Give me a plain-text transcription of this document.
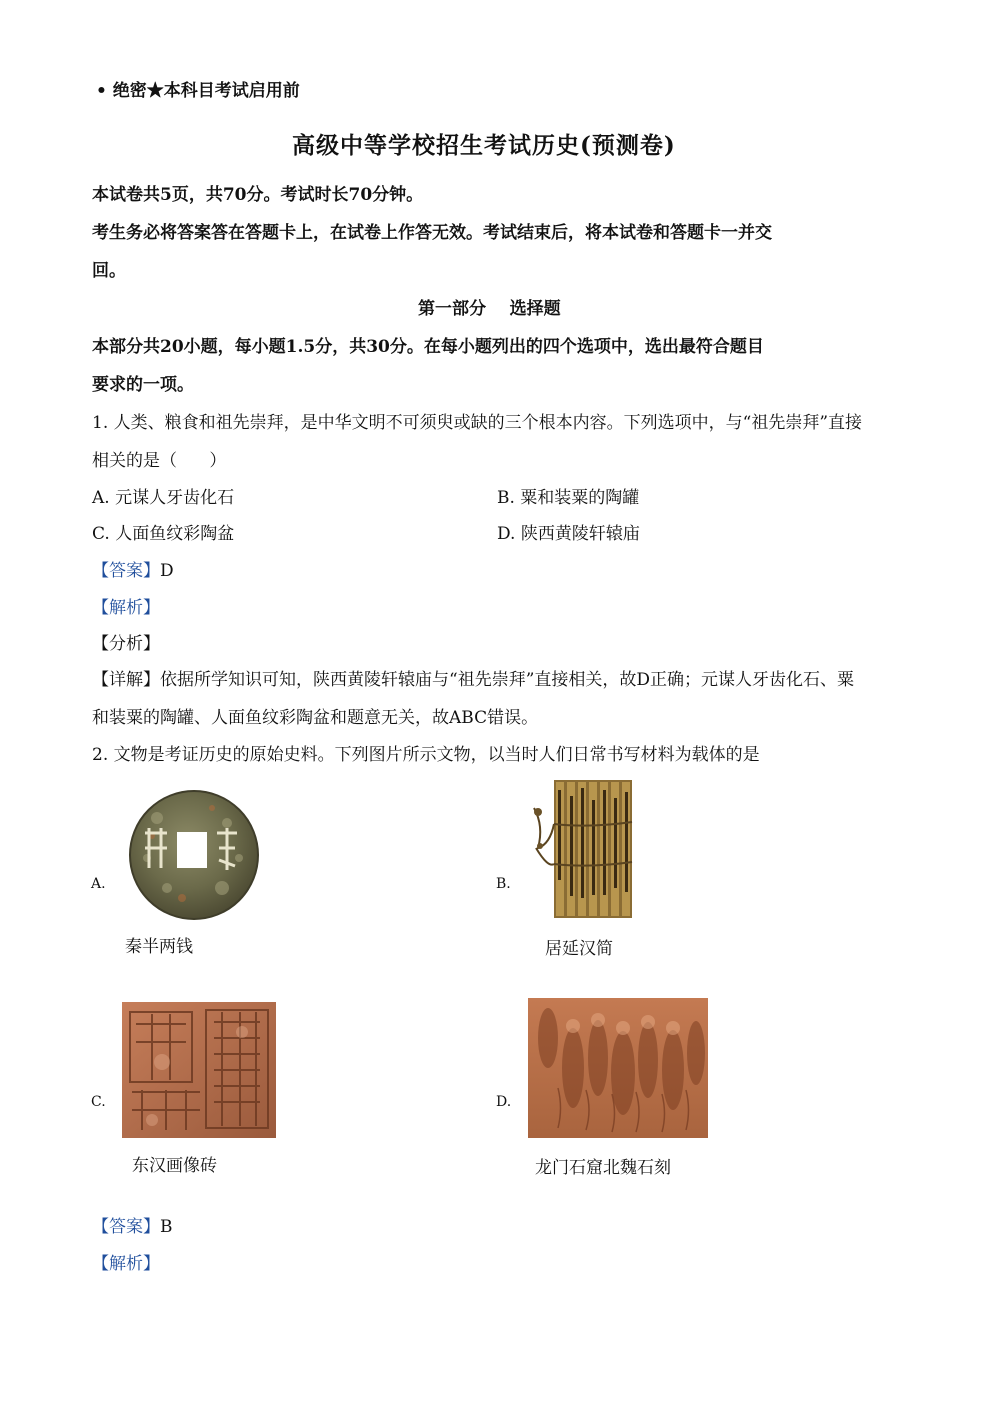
• 绝密★本科目考试启用前
高级中等学校招生考试历史(预测卷)
本试卷共5页，共70分。考试时长70分钟。
考生务必将答案答在答题卡上，在试卷上作答无效。考试结束后，将本试卷和答题卡一并交
回。
第一部分    选择题
本部分共20小题，每小题1.5分，共30分。在每小题列出的四个选项中，选出最符合题目
要求的一项。
1. 人类、粮食和祖先崇拜，是中华文明不可须臾或缺的三个根本内容。下列选项中，与“祖先崇拜”直接
相关的是（      ）
A. 元谋人牙齿化石	B. 粟和装粟的陶罐
C. 人面鱼纹彩陶盆	D. 陕西黄陵轩辕庙
【答案】D
【解析】
【分析】
【详解】依据所学知识可知，陕西黄陵轩辕庙与“祖先崇拜”直接相关，故D正确；元谋人牙齿化石、粟
和装粟的陶罐、人面鱼纹彩陶盆和题意无关，故ABC错误。
2. 文物是考证历史的原始史料。下列图片所示文物，以当时人们日常书写材料为载体的是
A.
秦半两钱
B.
居延汉简
C.
东汉画像砖
D.
龙门石窟北魏石刻
【答案】B
【解析】
